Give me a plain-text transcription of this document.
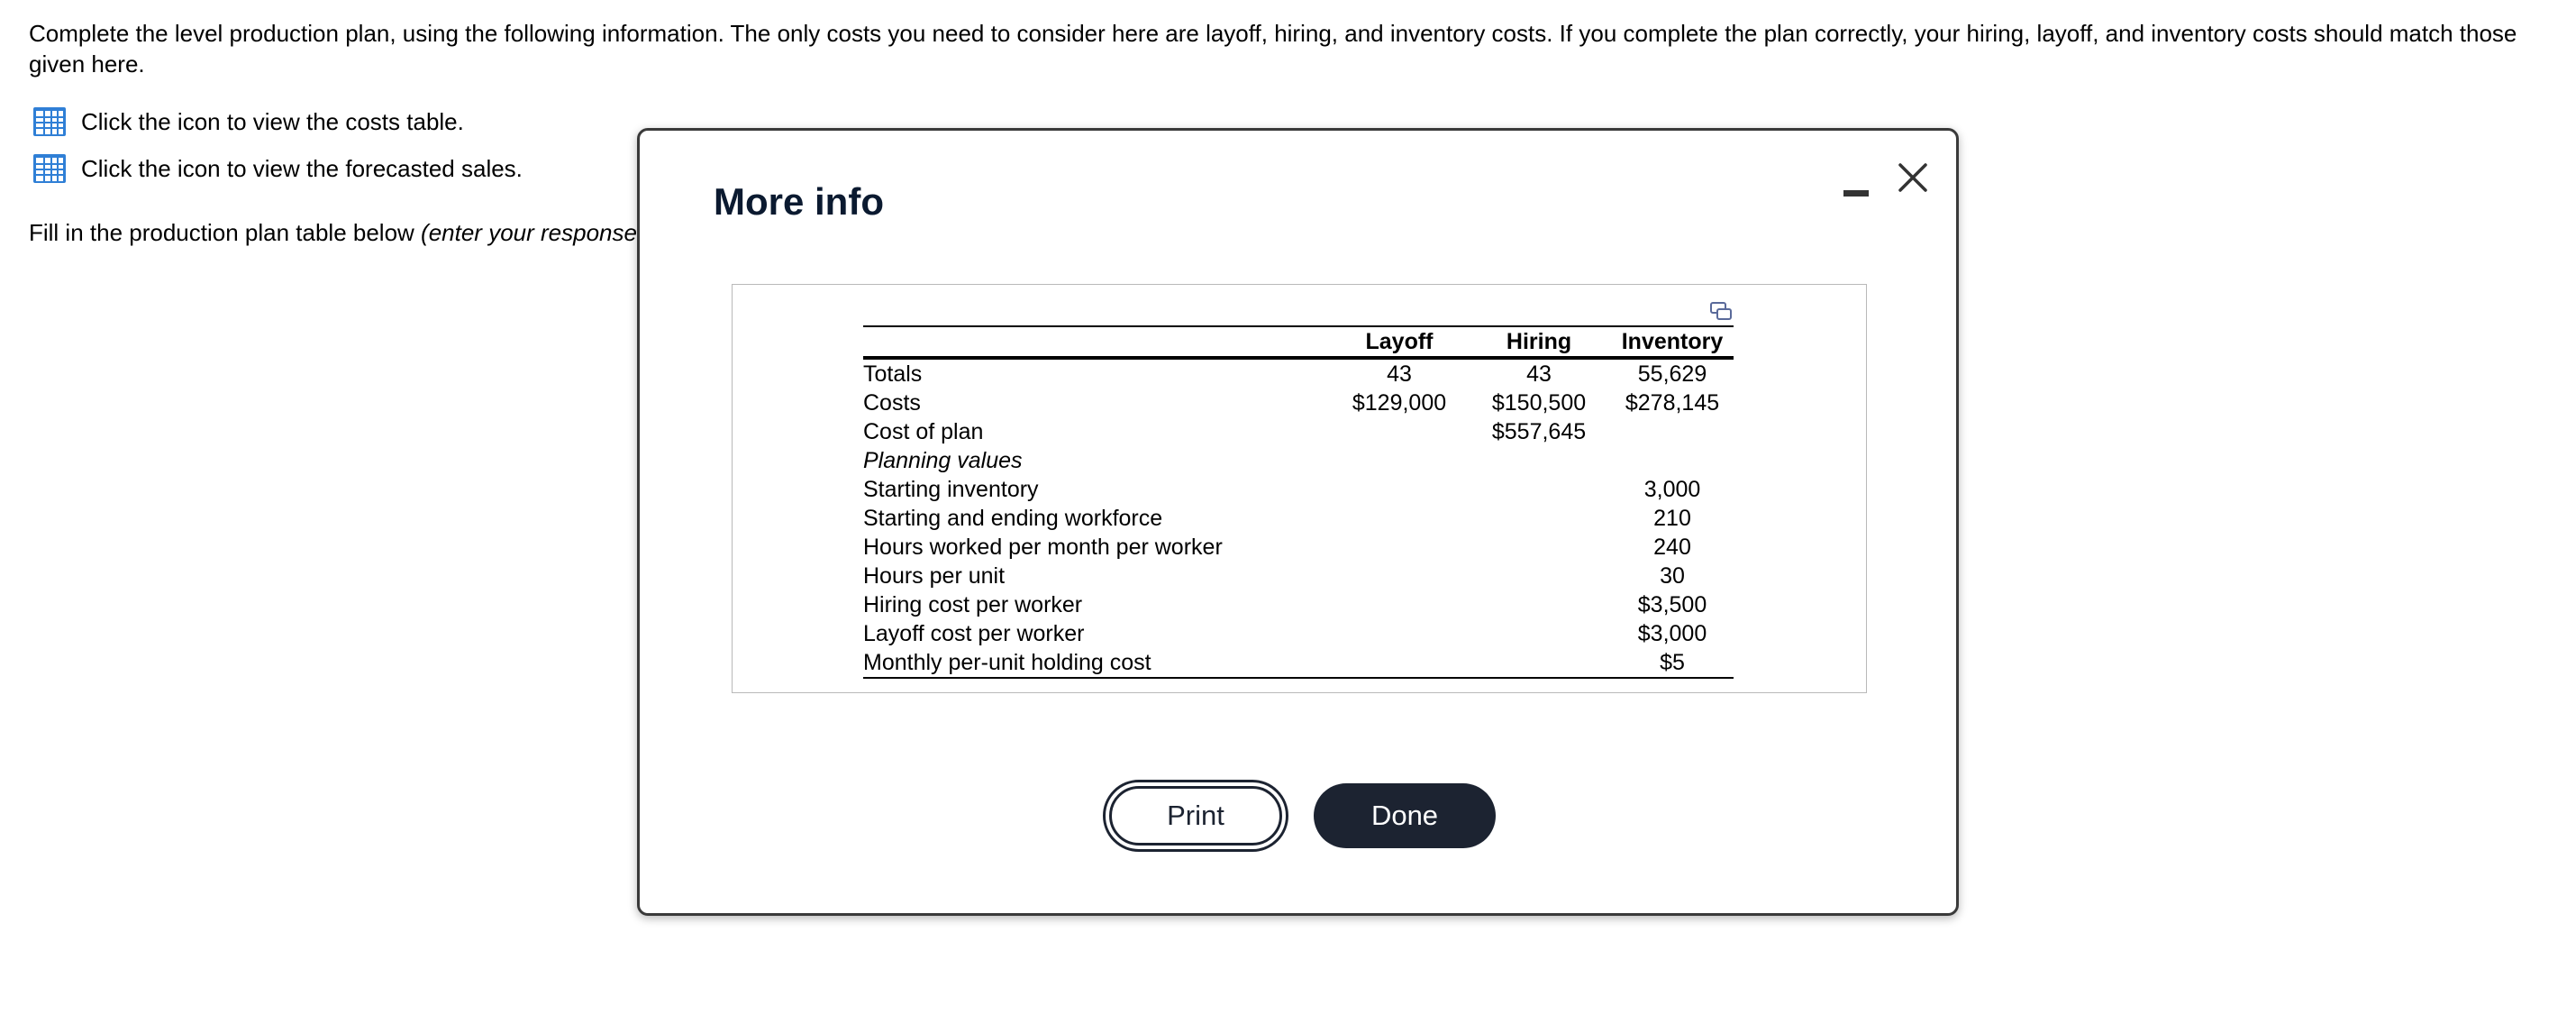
Complete the level production plan, using the following information. The only costs you need to consider here are layoff, hiring, and inventory costs. If you complete the plan correctly, your hiring, layoff, and inventory costs should match those given here.

Click the icon to view the costs table.
Click the icon to view the forecasted sales.

Fill in the production plan table below (enter your response

More info
	Layoff	Hiring	Inventory
Totals	43	43	55,629
Costs	$129,000	$150,500	$278,145
Cost of plan		$557,645	
Planning values			
Starting inventory			3,000
Starting and ending workforce			210
Hours worked per month per worker			240
Hours per unit			30
Hiring cost per worker			$3,500
Layoff cost per worker			$3,000
Monthly per-unit holding cost			$5
Print	Done
